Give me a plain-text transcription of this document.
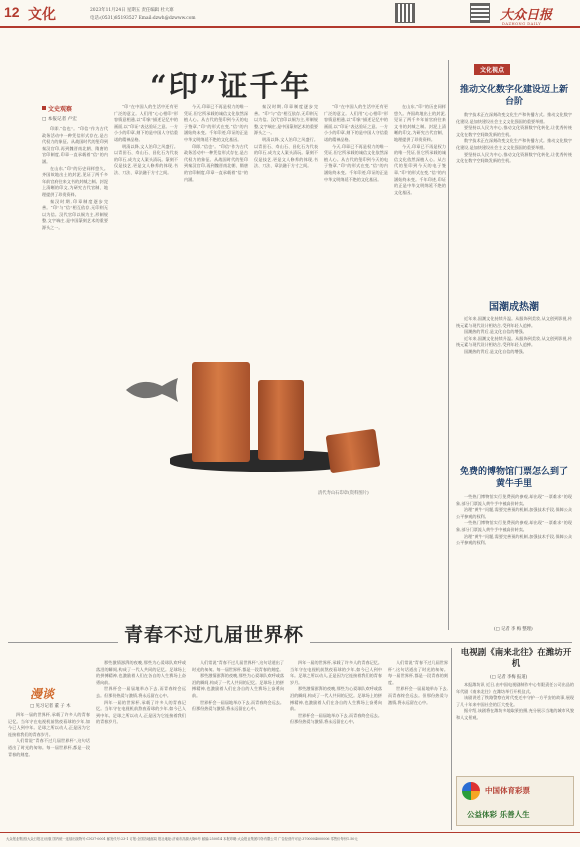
12 文化	2023年11月24日 星期五 责任编辑 杜大寨
电话:(0531)85193527 Email:dzwh@dzwww.com	大众日报
DAZHONG DAILY
“印”证千年
文史观察
□ 本报记者 卢宏

印即,“信也”。“印信”作为古代政务活动中一种凭信形式存在,是古代权力的象征。从战国时代的玺印到秦汉官印,再到魏晋南北朝、隋唐的官印制度,印章一直承载着“信”的内涵。

在山东,“印”的历史同样悠久。齐国故地出土的封泥,见证了两千多年前官府往来文书的封缄之制。封泥上清晰的印文,为研究古代官制、地理提供了珍贵资料。

秦汉时期,印章制度逐步完善。“印”与“信”相互依存,无印则无以为信。汉代官印以铜为主,形制规整,文字端庄,是中国篆刻艺术的重要源头之一。

“印”在中国人的生活中还有更广泛的意义。人们用“心心相印”形容情意相通,以“印象”描述记忆中的画面,以“印证”表达验证之意。一方小小的印章,刻下的是中国人守信重诺的精神品格。

明清以降,文人治印之风盛行。以青田石、寿山石、昌化石为代表的印石,成为文人案头清玩。篆刻不仅是技艺,更是文人修养的体现,书法、刀法、章法融于方寸之间。

今天,印章已不再是权力的唯一凭证,但它所承载的诚信文化依然深植人心。从古代的玺印到今天的电子签章,“印”的形式在变,“信”的内涵始终未变。千年印迹,印证的正是中华文明绵延不绝的文化基因。

印即,“信也”。“印信”作为古代政务活动中一种凭信形式存在,是古代权力的象征。从战国时代的玺印到秦汉官印,再到魏晋南北朝、隋唐的官印制度,印章一直承载着“信”的内涵。

秦汉时期,印章制度逐步完善。“印”与“信”相互依存,无印则无以为信。汉代官印以铜为主,形制规整,文字端庄,是中国篆刻艺术的重要源头之一。

明清以降,文人治印之风盛行。以青田石、寿山石、昌化石为代表的印石,成为文人案头清玩。篆刻不仅是技艺,更是文人修养的体现,书法、刀法、章法融于方寸之间。

“印”在中国人的生活中还有更广泛的意义。人们用“心心相印”形容情意相通,以“印象”描述记忆中的画面,以“印证”表达验证之意。一方小小的印章,刻下的是中国人守信重诺的精神品格。

今天,印章已不再是权力的唯一凭证,但它所承载的诚信文化依然深植人心。从古代的玺印到今天的电子签章,“印”的形式在变,“信”的内涵始终未变。千年印迹,印证的正是中华文明绵延不绝的文化基因。

在山东,“印”的历史同样悠久。齐国故地出土的封泥,见证了两千多年前官府往来文书的封缄之制。封泥上清晰的印文,为研究古代官制、地理提供了珍贵资料。

今天,印章已不再是权力的唯一凭证,但它所承载的诚信文化依然深植人心。从古代的玺印到今天的电子签章,“印”的形式在变,“信”的内涵始终未变。千年印迹,印证的正是中华文明绵延不绝的文化基因。

清代寿山石印章(资料图片)
文化视点
推动文化数字化建设迈上新台阶

数字技术正在深刻改变文化生产和传播方式。推动文化数字化建设,是加快建设社会主义文化强国的重要举措。

要坚持以人民为中心,推动文化资源数字化转化,让优秀传统文化在数字空间焕发新的生机。

数字技术正在深刻改变文化生产和传播方式。推动文化数字化建设,是加快建设社会主义文化强国的重要举措。

要坚持以人民为中心,推动文化资源数字化转化,让优秀传统文化在数字空间焕发新的生机。

国潮成热潮

近年来,国潮文化持续升温。从服饰到美妆,从文创到影视,传统元素与现代设计相结合,受到年轻人追捧。

国潮热的背后,是文化自信的增强。

近年来,国潮文化持续升温。从服饰到美妆,从文创到影视,传统元素与现代设计相结合,受到年轻人追捧。

国潮热的背后,是文化自信的增强。

免费的博物馆门票怎么到了黄牛手里

一些热门博物馆实行免费预约参观,却出现“一票难求”的现象,部分门票流入黄牛手中被高价转卖。

治理“黄牛”问题,需要完善预约机制,加强技术手段,保障公众公平参观的权利。

一些热门博物馆实行免费预约参观,却出现“一票难求”的现象,部分门票流入黄牛手中被高价转卖。

治理“黄牛”问题,需要完善预约机制,加强技术手段,保障公众公平参观的权利。

(□ 记者 李 梅 整理)
青春不过几届世界杯
漫谈
□ 见习记者 董 子 木

四年一届的世界杯,承载了许多人的青春记忆。当年守在电视机前熬夜看球的少年,如今已人到中年。足球之所以动人,正是因为它连接着我们的青春岁月。

人们常说“青春不过几届世界杯”,这句话道出了时光的匆匆。每一届世界杯,都是一段青春的刻度。

那些激情澎湃的夜晚,那些为心爱球队欢呼或落泪的瞬间,构成了一代人共同的记忆。足球场上的拼搏精神,也激励着人们在各自的人生赛场上奋勇向前。

世界杯会一届届地举办下去,而青春终会远去。但那份热爱与激情,将永远留在心中。

四年一届的世界杯,承载了许多人的青春记忆。当年守在电视机前熬夜看球的少年,如今已人到中年。足球之所以动人,正是因为它连接着我们的青春岁月。

人们常说“青春不过几届世界杯”,这句话道出了时光的匆匆。每一届世界杯,都是一段青春的刻度。

那些激情澎湃的夜晚,那些为心爱球队欢呼或落泪的瞬间,构成了一代人共同的记忆。足球场上的拼搏精神,也激励着人们在各自的人生赛场上奋勇向前。

世界杯会一届届地举办下去,而青春终会远去。但那份热爱与激情,将永远留在心中。

四年一届的世界杯,承载了许多人的青春记忆。当年守在电视机前熬夜看球的少年,如今已人到中年。足球之所以动人,正是因为它连接着我们的青春岁月。

那些激情澎湃的夜晚,那些为心爱球队欢呼或落泪的瞬间,构成了一代人共同的记忆。足球场上的拼搏精神,也激励着人们在各自的人生赛场上奋勇向前。

世界杯会一届届地举办下去,而青春终会远去。但那份热爱与激情,将永远留在心中。

人们常说“青春不过几届世界杯”,这句话道出了时光的匆匆。每一届世界杯,都是一段青春的刻度。

世界杯会一届届地举办下去,而青春终会远去。但那份热爱与激情,将永远留在心中。

电视剧《南来北往》在潍坊开机
(□ 记者 李梅 报道)

本报潍坊讯 近日,由中国电视剧制作中心有限责任公司出品的年代剧《南来北往》在潍坊举行开机仪式。

该剧讲述了铁路警察在时代变迁中守护一方平安的故事,展现了几十年来中国社会的巨大变化。

据介绍,该剧将在潍坊多地取景拍摄,充分展示当地的城市风貌和人文景观。

中国体育彩票
公益体彩 乐善人生
大众报业集团(大众日报社)出版 国内统一连续出版物号:CN37-0001 邮发代号:23-1 订报:全国各地邮局 报社地址:济南市泺源大街6号 邮编:250014 本报印刷:大众报业集团印务有限公司 广告经营许可证:3700004000006 零售价每份1.50元
